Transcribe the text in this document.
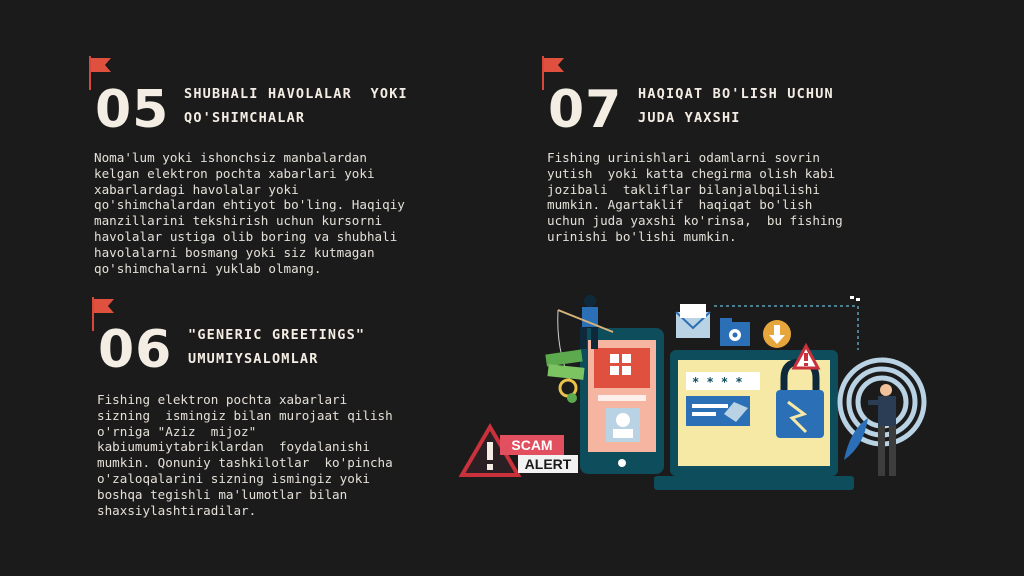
05 SHUBHALI HAVOLALAR  YOKI
QO'SHIMCHALAR
Noma'lum yoki ishonchsiz manbalardan
kelgan elektron pochta xabarlari yoki
xabarlardagi havolalar yoki
qo'shimchalardan ehtiyot bo'ling. Haqiqiy
manzillarini tekshirish uchun kursorni
havolalar ustiga olib boring va shubhali
havolalarni bosmang yoki siz kutmagan
qo'shimchalarni yuklab olmang.
06 "GENERIC GREETINGS"
UMUMIYSALOMLAR
Fishing elektron pochta xabarlari
sizning  ismingiz bilan murojaat qilish
o'rniga "Aziz  mijoz"
kabiumumiytabriklardan  foydalanishi
mumkin. Qonuniy tashkilotlar  ko'pincha
o'zaloqalarini sizning ismingiz yoki
boshqa tegishli ma'lumotlar bilan
shaxsiylashtiradilar.
07 HAQIQAT BO'LISH UCHUN
JUDA YAXSHI
Fishing urinishlari odamlarni sovrin
yutish  yoki katta chegirma olish kabi
jozibali  takliflar bilanjalbqilishi
mumkin. Agartaklif  haqiqat bo'lish
uchun juda yaxshi ko'rinsa,  bu fishing
urinishi bo'lishi mumkin.
SCAM
ALERT
* * * *
